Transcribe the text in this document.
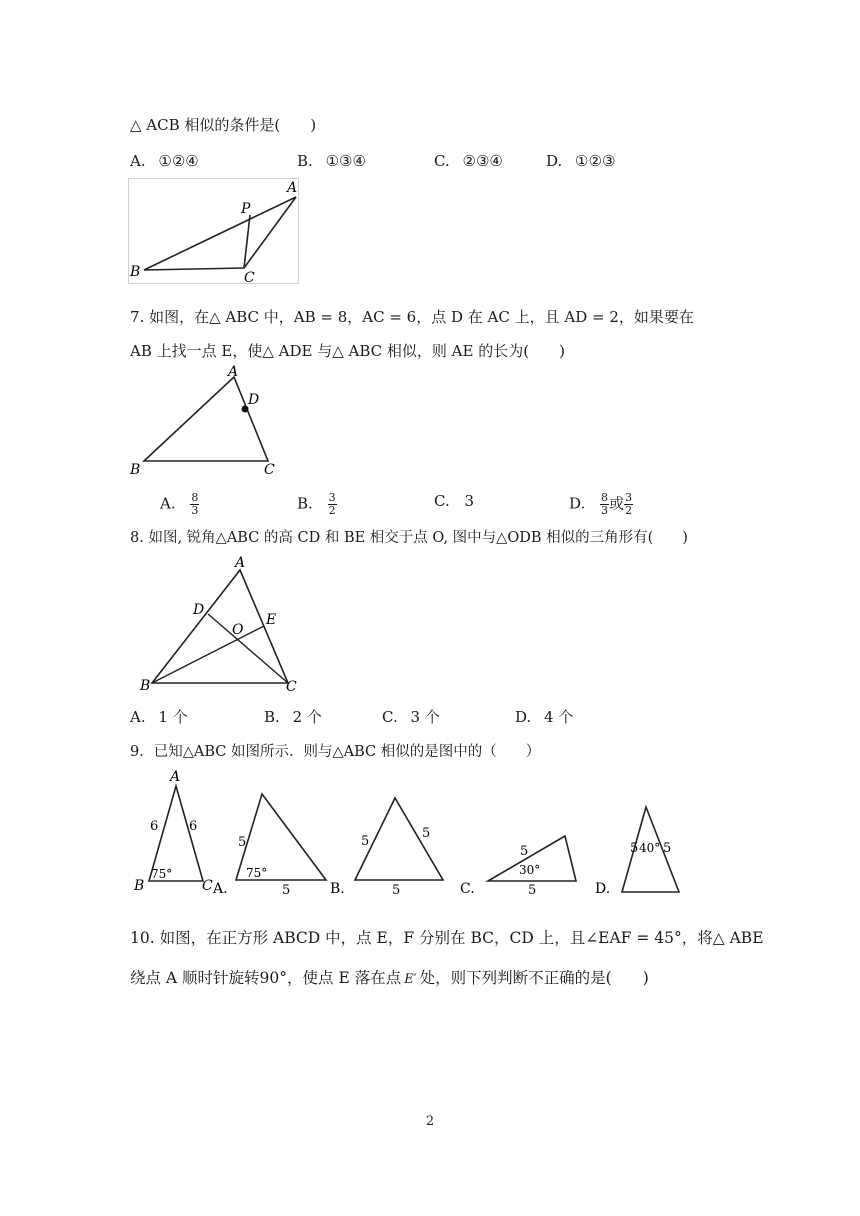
△ ACB 相似的条件是(　　)
A. ①②④	B. ①③④	C. ②③④	D. ①②③
A
P
B	C
7. 如图，在△ ABC 中，AB = 8，AC = 6，点 D 在 AC 上，且 AD = 2，如果要在
AB 上找一点 E，使△ ADE 与△ ABC 相似，则 AE 的长为(　　)
A
D
B	C
A. $\frac{8}{3}$	B. $\frac{3}{2}$	C. 3	D. $\frac{8}{3}$ 或 $\frac{3}{2}$
8. 如图, 锐角△ABC 的高 CD 和 BE 相交于点 O, 图中与△ODB 相似的三角形有(　　)
A
D
O
E
B	C
A. 1 个	B. 2 个	C. 3 个	D. 4 个
9．已知△ABC 如图所示．则与△ABC 相似的是图中的（　　）
A
B	C
6 6
75°
A.
5
5
75°
B.
5
5
5	C.
5
5
30°
D.
5 5
40°
10. 如图，在正方形 ABCD 中，点 E，F 分别在 BC，CD 上，且∠EAF = 45°，将△ ABE
绕点 A 顺时针旋转90°，使点 E 落在点 E′ 处，则下列判断不正确的是(　　)
2
